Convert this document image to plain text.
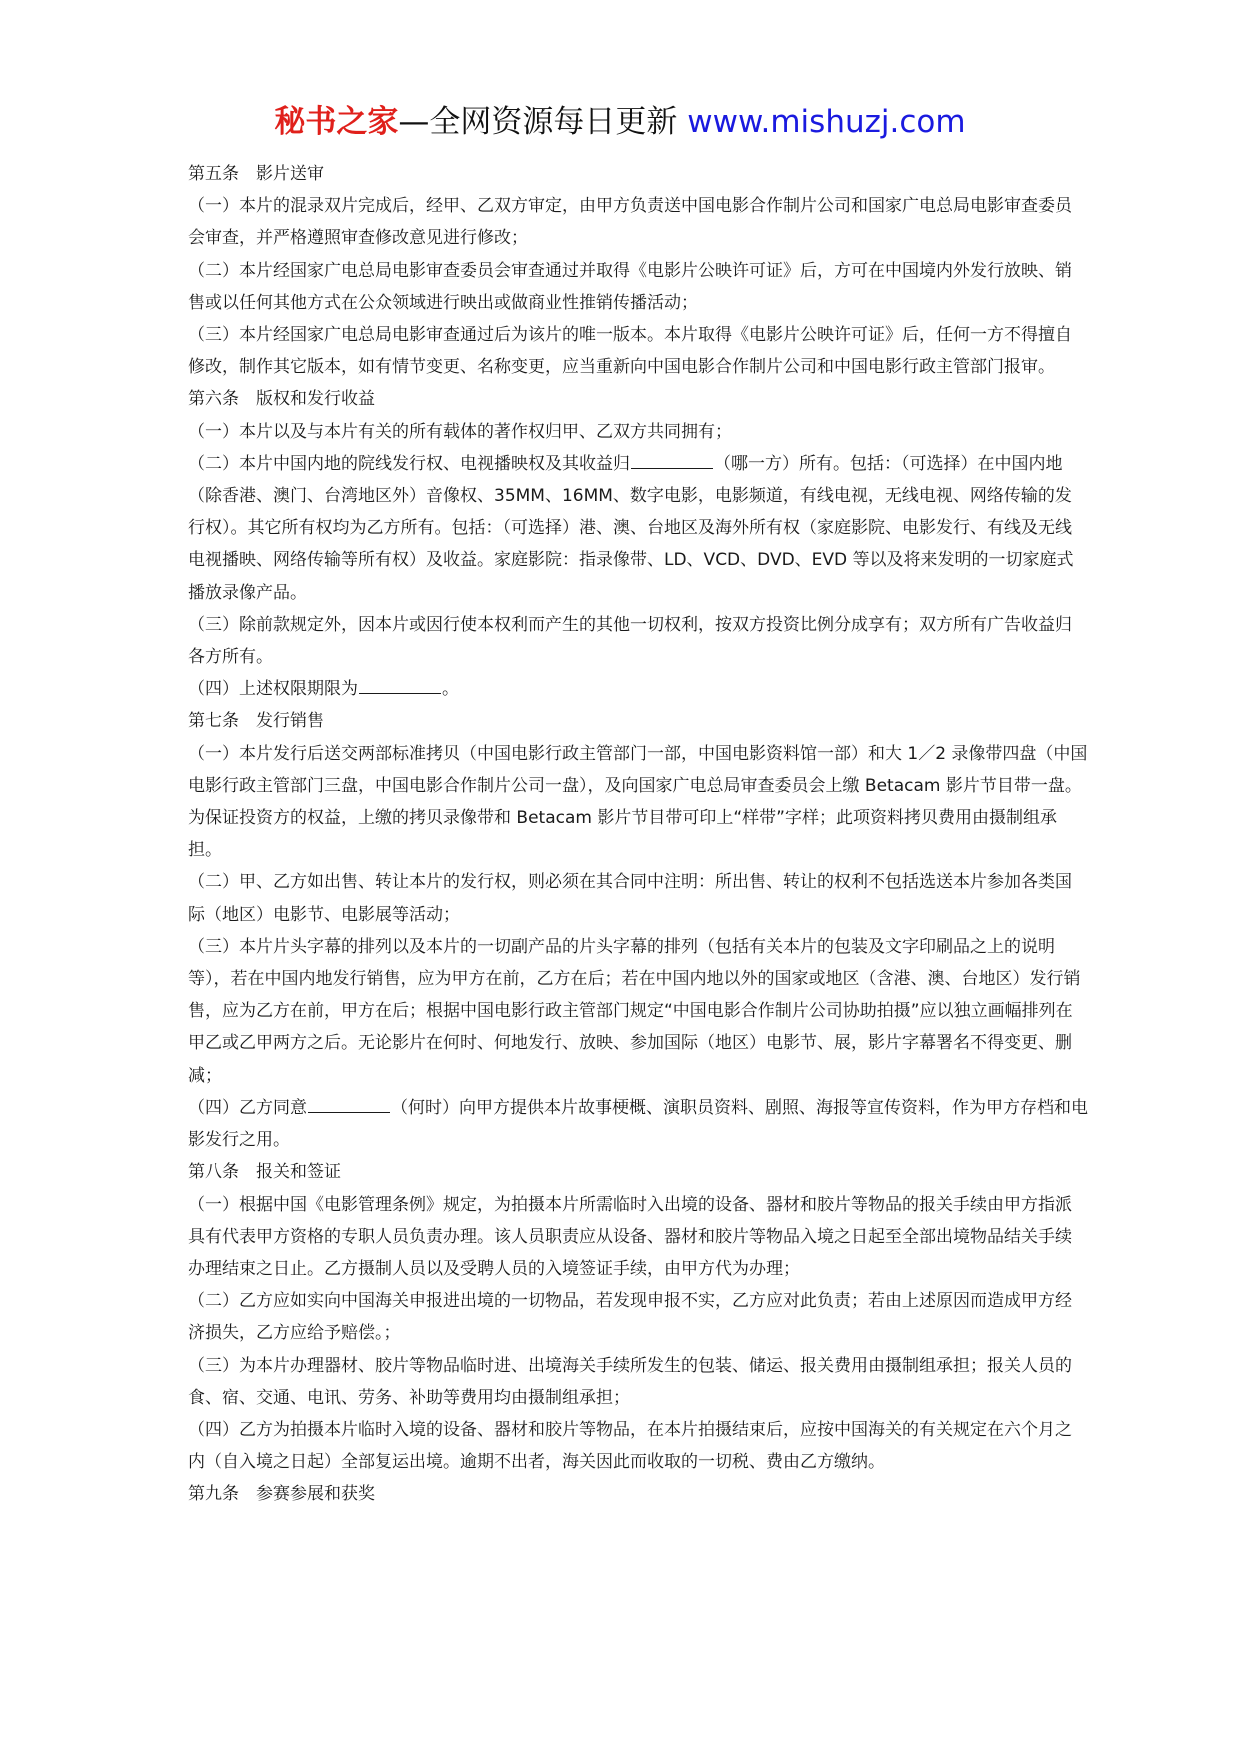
秘书之家—全网资源每日更新 www.mishuzj.com

第五条　影片送审

（一）本片的混录双片完成后，经甲、乙双方审定，由甲方负责送中国电影合作制片公司和国家广电总局电影审查委员会审查，并严格遵照审查修改意见进行修改；

（二）本片经国家广电总局电影审查委员会审查通过并取得《电影片公映许可证》后，方可在中国境内外发行放映、销售或以任何其他方式在公众领域进行映出或做商业性推销传播活动；

（三）本片经国家广电总局电影审查通过后为该片的唯一版本。本片取得《电影片公映许可证》后，任何一方不得擅自修改，制作其它版本，如有情节变更、名称变更，应当重新向中国电影合作制片公司和中国电影行政主管部门报审。

第六条　版权和发行收益

（一）本片以及与本片有关的所有载体的著作权归甲、乙双方共同拥有；

（二）本片中国内地的院线发行权、电视播映权及其收益归	（哪一方）所有。包括：（可选择）在中国内地（除香港、澳门、台湾地区外）音像权、35MM、16MM、数字电影，电影频道，有线电视，无线电视、网络传输的发行权）。其它所有权均为乙方所有。包括：（可选择）港、澳、台地区及海外所有权（家庭影院、电影发行、有线及无线电视播映、网络传输等所有权）及收益。家庭影院：指录像带、LD、VCD、DVD、EVD 等以及将来发明的一切家庭式播放录像产品。

（三）除前款规定外，因本片或因行使本权利而产生的其他一切权利，按双方投资比例分成享有；双方所有广告收益归各方所有。

（四）上述权限期限为	。

第七条　发行销售

（一）本片发行后送交两部标准拷贝（中国电影行政主管部门一部，中国电影资料馆一部）和大 1／2 录像带四盘（中国电影行政主管部门三盘，中国电影合作制片公司一盘），及向国家广电总局审查委员会上缴 Betacam 影片节目带一盘。为保证投资方的权益，上缴的拷贝录像带和 Betacam 影片节目带可印上“样带”字样；此项资料拷贝费用由摄制组承担。

（二）甲、乙方如出售、转让本片的发行权，则必须在其合同中注明：所出售、转让的权利不包括选送本片参加各类国际（地区）电影节、电影展等活动；

（三）本片片头字幕的排列以及本片的一切副产品的片头字幕的排列（包括有关本片的包装及文字印刷品之上的说明等），若在中国内地发行销售，应为甲方在前，乙方在后；若在中国内地以外的国家或地区（含港、澳、台地区）发行销售，应为乙方在前，甲方在后；根据中国电影行政主管部门规定“中国电影合作制片公司协助拍摄”应以独立画幅排列在甲乙或乙甲两方之后。无论影片在何时、何地发行、放映、参加国际（地区）电影节、展，影片字幕署名不得变更、删减；

（四）乙方同意	（何时）向甲方提供本片故事梗概、演职员资料、剧照、海报等宣传资料，作为甲方存档和电影发行之用。

第八条　报关和签证

（一）根据中国《电影管理条例》规定，为拍摄本片所需临时入出境的设备、器材和胶片等物品的报关手续由甲方指派具有代表甲方资格的专职人员负责办理。该人员职责应从设备、器材和胶片等物品入境之日起至全部出境物品结关手续办理结束之日止。乙方摄制人员以及受聘人员的入境签证手续，由甲方代为办理；

（二）乙方应如实向中国海关申报进出境的一切物品，若发现申报不实，乙方应对此负责；若由上述原因而造成甲方经济损失，乙方应给予赔偿。；

（三）为本片办理器材、胶片等物品临时进、出境海关手续所发生的包装、储运、报关费用由摄制组承担；报关人员的食、宿、交通、电讯、劳务、补助等费用均由摄制组承担；

（四）乙方为拍摄本片临时入境的设备、器材和胶片等物品，在本片拍摄结束后，应按中国海关的有关规定在六个月之内（自入境之日起）全部复运出境。逾期不出者，海关因此而收取的一切税、费由乙方缴纳。

第九条　参赛参展和获奖
